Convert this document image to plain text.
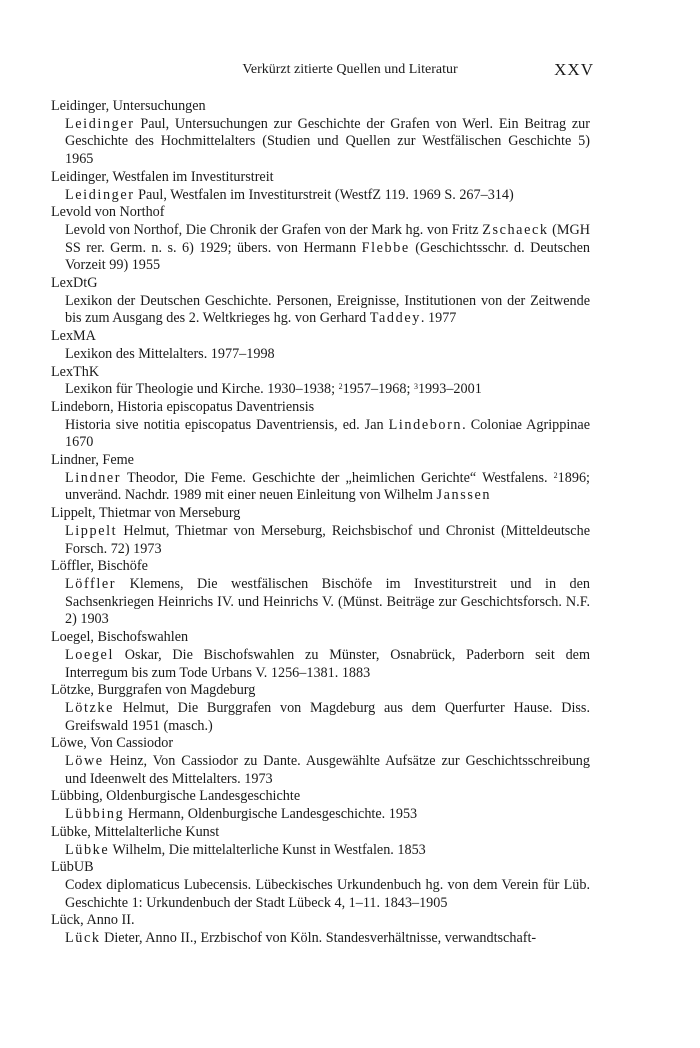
Verkürzt zitierte Quellen und Literatur	XXV
Leidinger, Untersuchungen
Leidinger Paul, Untersuchungen zur Geschichte der Grafen von Werl. Ein Beitrag zur Geschichte des Hochmittelalters (Studien und Quellen zur Westfälischen Geschichte 5) 1965
Leidinger, Westfalen im Investiturstreit
Leidinger Paul, Westfalen im Investiturstreit (WestfZ 119. 1969 S. 267–314)
Levold von Northof
Levold von Northof, Die Chronik der Grafen von der Mark hg. von Fritz Zschaeck (MGH SS rer. Germ. n. s. 6) 1929; übers. von Hermann Flebbe (Geschichtsschr. d. Deutschen Vorzeit 99) 1955
LexDtG
Lexikon der Deutschen Geschichte. Personen, Ereignisse, Institutionen von der Zeitwende bis zum Ausgang des 2. Weltkrieges hg. von Gerhard Taddey. 1977
LexMA
Lexikon des Mittelalters. 1977–1998
LexThK
Lexikon für Theologie und Kirche. 1930–1938; $^2$1957–1968; $^3$1993–2001
Lindeborn, Historia episcopatus Daventriensis
Historia sive notitia episcopatus Daventriensis, ed. Jan Lindeborn. Coloniae Agrippinae 1670
Lindner, Feme
Lindner Theodor, Die Feme. Geschichte der „heimlichen Gerichte“ Westfalens. $^2$1896; unveränd. Nachdr. 1989 mit einer neuen Einleitung von Wilhelm Janssen
Lippelt, Thietmar von Merseburg
Lippelt Helmut, Thietmar von Merseburg, Reichsbischof und Chronist (Mitteldeutsche Forsch. 72) 1973
Löffler, Bischöfe
Löffler Klemens, Die westfälischen Bischöfe im Investiturstreit und in den Sachsenkriegen Heinrichs IV. und Heinrichs V. (Münst. Beiträge zur Geschichtsforsch. N.F. 2) 1903
Loegel, Bischofswahlen
Loegel Oskar, Die Bischofswahlen zu Münster, Osnabrück, Paderborn seit dem Interregum bis zum Tode Urbans V. 1256–1381. 1883
Lötzke, Burggrafen von Magdeburg
Lötzke Helmut, Die Burggrafen von Magdeburg aus dem Querfurter Hause. Diss. Greifswald 1951 (masch.)
Löwe, Von Cassiodor
Löwe Heinz, Von Cassiodor zu Dante. Ausgewählte Aufsätze zur Geschichtsschreibung und Ideenwelt des Mittelalters. 1973
Lübbing, Oldenburgische Landesgeschichte
Lübbing Hermann, Oldenburgische Landesgeschichte. 1953
Lübke, Mittelalterliche Kunst
Lübke Wilhelm, Die mittelalterliche Kunst in Westfalen. 1853
LübUB
Codex diplomaticus Lubecensis. Lübeckisches Urkundenbuch hg. von dem Verein für Lüb. Geschichte 1: Urkundenbuch der Stadt Lübeck 4, 1–11. 1843–1905
Lück, Anno II.
Lück Dieter, Anno II., Erzbischof von Köln. Standesverhältnisse, verwandtschaft-
